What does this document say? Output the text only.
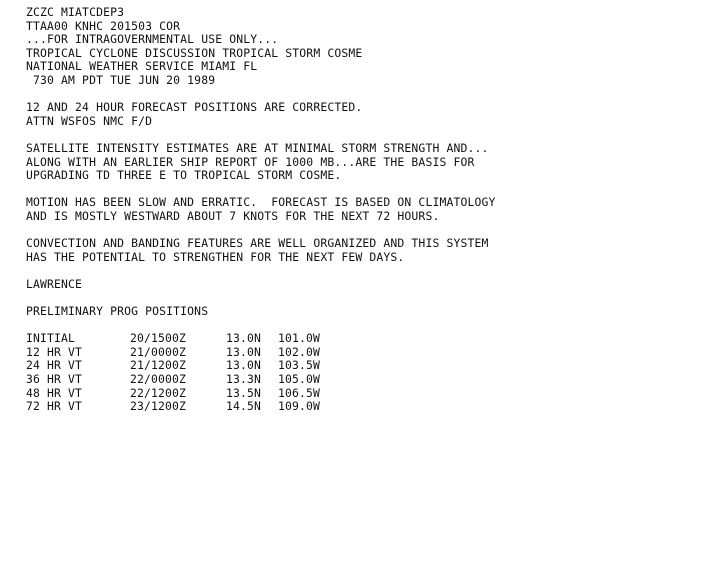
ZCZC MIATCDEP3
TTAA00 KNHC 201503 COR
...FOR INTRAGOVERNMENTAL USE ONLY...
TROPICAL CYCLONE DISCUSSION TROPICAL STORM COSME
NATIONAL WEATHER SERVICE MIAMI FL
730 AM PDT TUE JUN 20 1989
12 AND 24 HOUR FORECAST POSITIONS ARE CORRECTED.
ATTN WSFOS NMC F/D
SATELLITE INTENSITY ESTIMATES ARE AT MINIMAL STORM STRENGTH AND...
ALONG WITH AN EARLIER SHIP REPORT OF 1000 MB...ARE THE BASIS FOR
UPGRADING TD THREE E TO TROPICAL STORM COSME.
MOTION HAS BEEN SLOW AND ERRATIC.  FORECAST IS BASED ON CLIMATOLOGY
AND IS MOSTLY WESTWARD ABOUT 7 KNOTS FOR THE NEXT 72 HOURS.
CONVECTION AND BANDING FEATURES ARE WELL ORGANIZED AND THIS SYSTEM
HAS THE POTENTIAL TO STRENGTHEN FOR THE NEXT FEW DAYS.
LAWRENCE
PRELIMINARY PROG POSITIONS
INITIAL	20/1500Z	13.0N	101.0W
12 HR VT	21/0000Z	13.0N	102.0W
24 HR VT	21/1200Z	13.0N	103.5W
36 HR VT	22/0000Z	13.3N	105.0W
48 HR VT	22/1200Z	13.5N	106.5W
72 HR VT	23/1200Z	14.5N	109.0W
